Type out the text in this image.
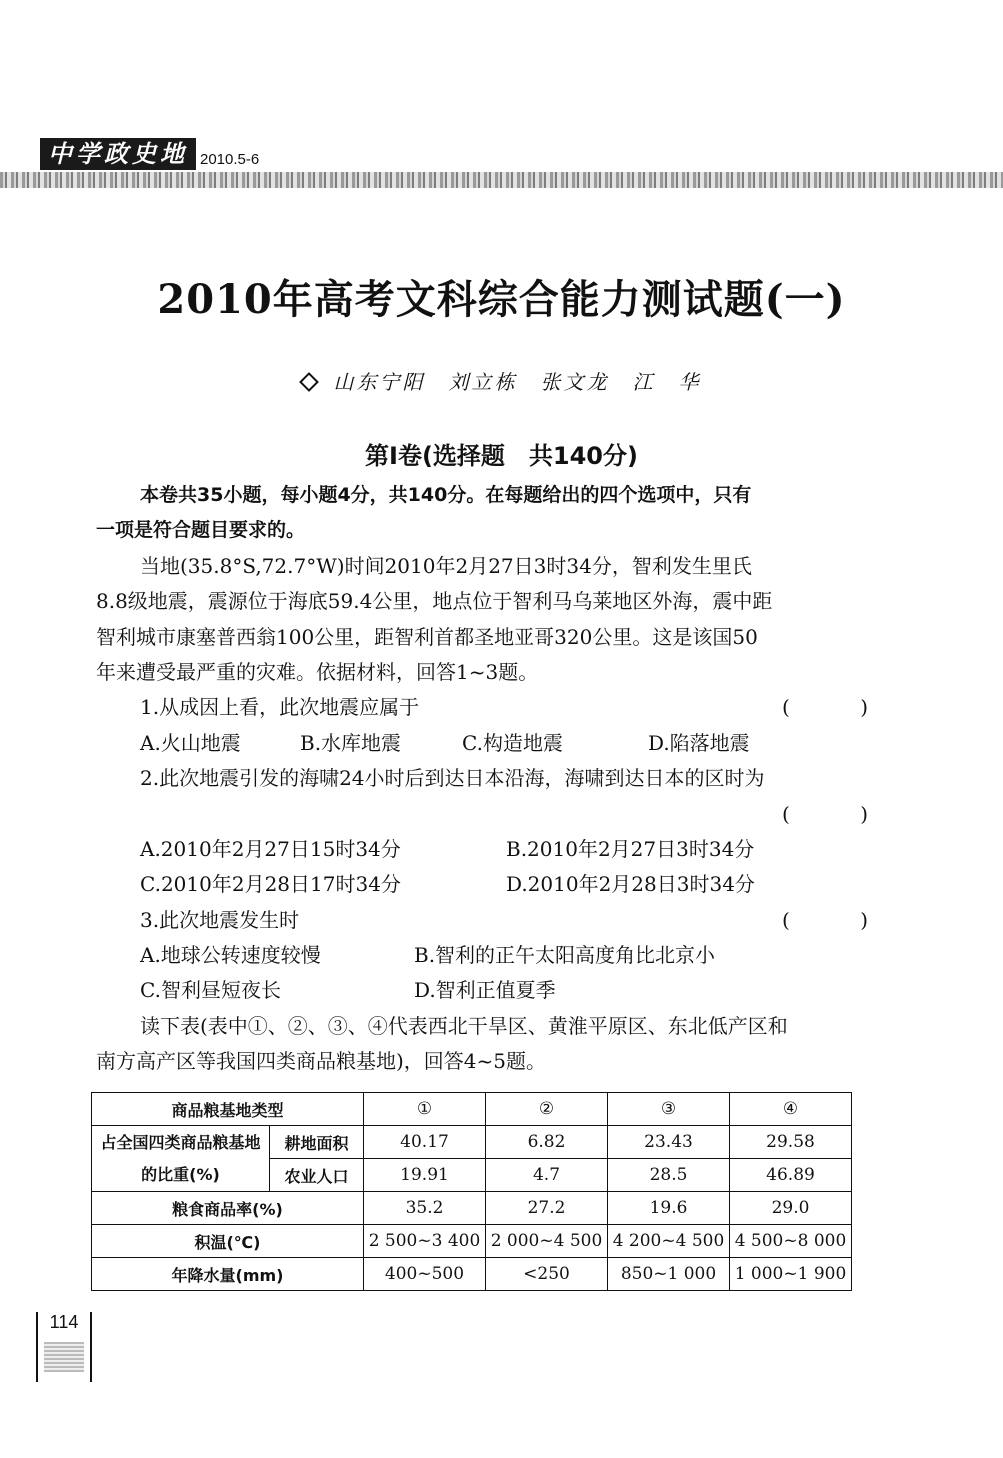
中学政史地 2010.5-6
2010年高考文科综合能力测试题(一)
山东宁阳　刘立栋　张文龙　江　华
第Ⅰ卷(选择题　共140分)
本卷共35小题，每小题4分，共140分。在每题给出的四个选项中，只有
一项是符合题目要求的。
当地(35.8°S,72.7°W)时间2010年2月27日3时34分，智利发生里氏
8.8级地震，震源位于海底59.4公里，地点位于智利马乌莱地区外海，震中距
智利城市康塞普西翁100公里，距智利首都圣地亚哥320公里。这是该国50
年来遭受最严重的灾难。依据材料，回答1~3题。
1.从成因上看，此次地震应属于	(	)
A.火山地震	B.水库地震	C.构造地震	D.陷落地震
2.此次地震引发的海啸24小时后到达日本沿海，海啸到达日本的区时为
(	)
A.2010年2月27日15时34分	B.2010年2月27日3时34分
C.2010年2月28日17时34分	D.2010年2月28日3时34分
3.此次地震发生时	(	)
A.地球公转速度较慢	B.智利的正午太阳高度角比北京小
C.智利昼短夜长	D.智利正值夏季
读下表(表中①、②、③、④代表西北干旱区、黄淮平原区、东北低产区和
南方高产区等我国四类商品粮基地)，回答4~5题。
商品粮基地类型		①	②	③	④
占全国四类商品粮基地的比重(%)	耕地面积	40.17	6.82	23.43	29.58
	农业人口	19.91	4.7	28.5	46.89
粮食商品率(%)		35.2	27.2	19.6	29.0
积温(℃)		2 500~3 400	2 000~4 500	4 200~4 500	4 500~8 000
年降水量(mm)		400~500	<250	850~1 000	1 000~1 900
114
